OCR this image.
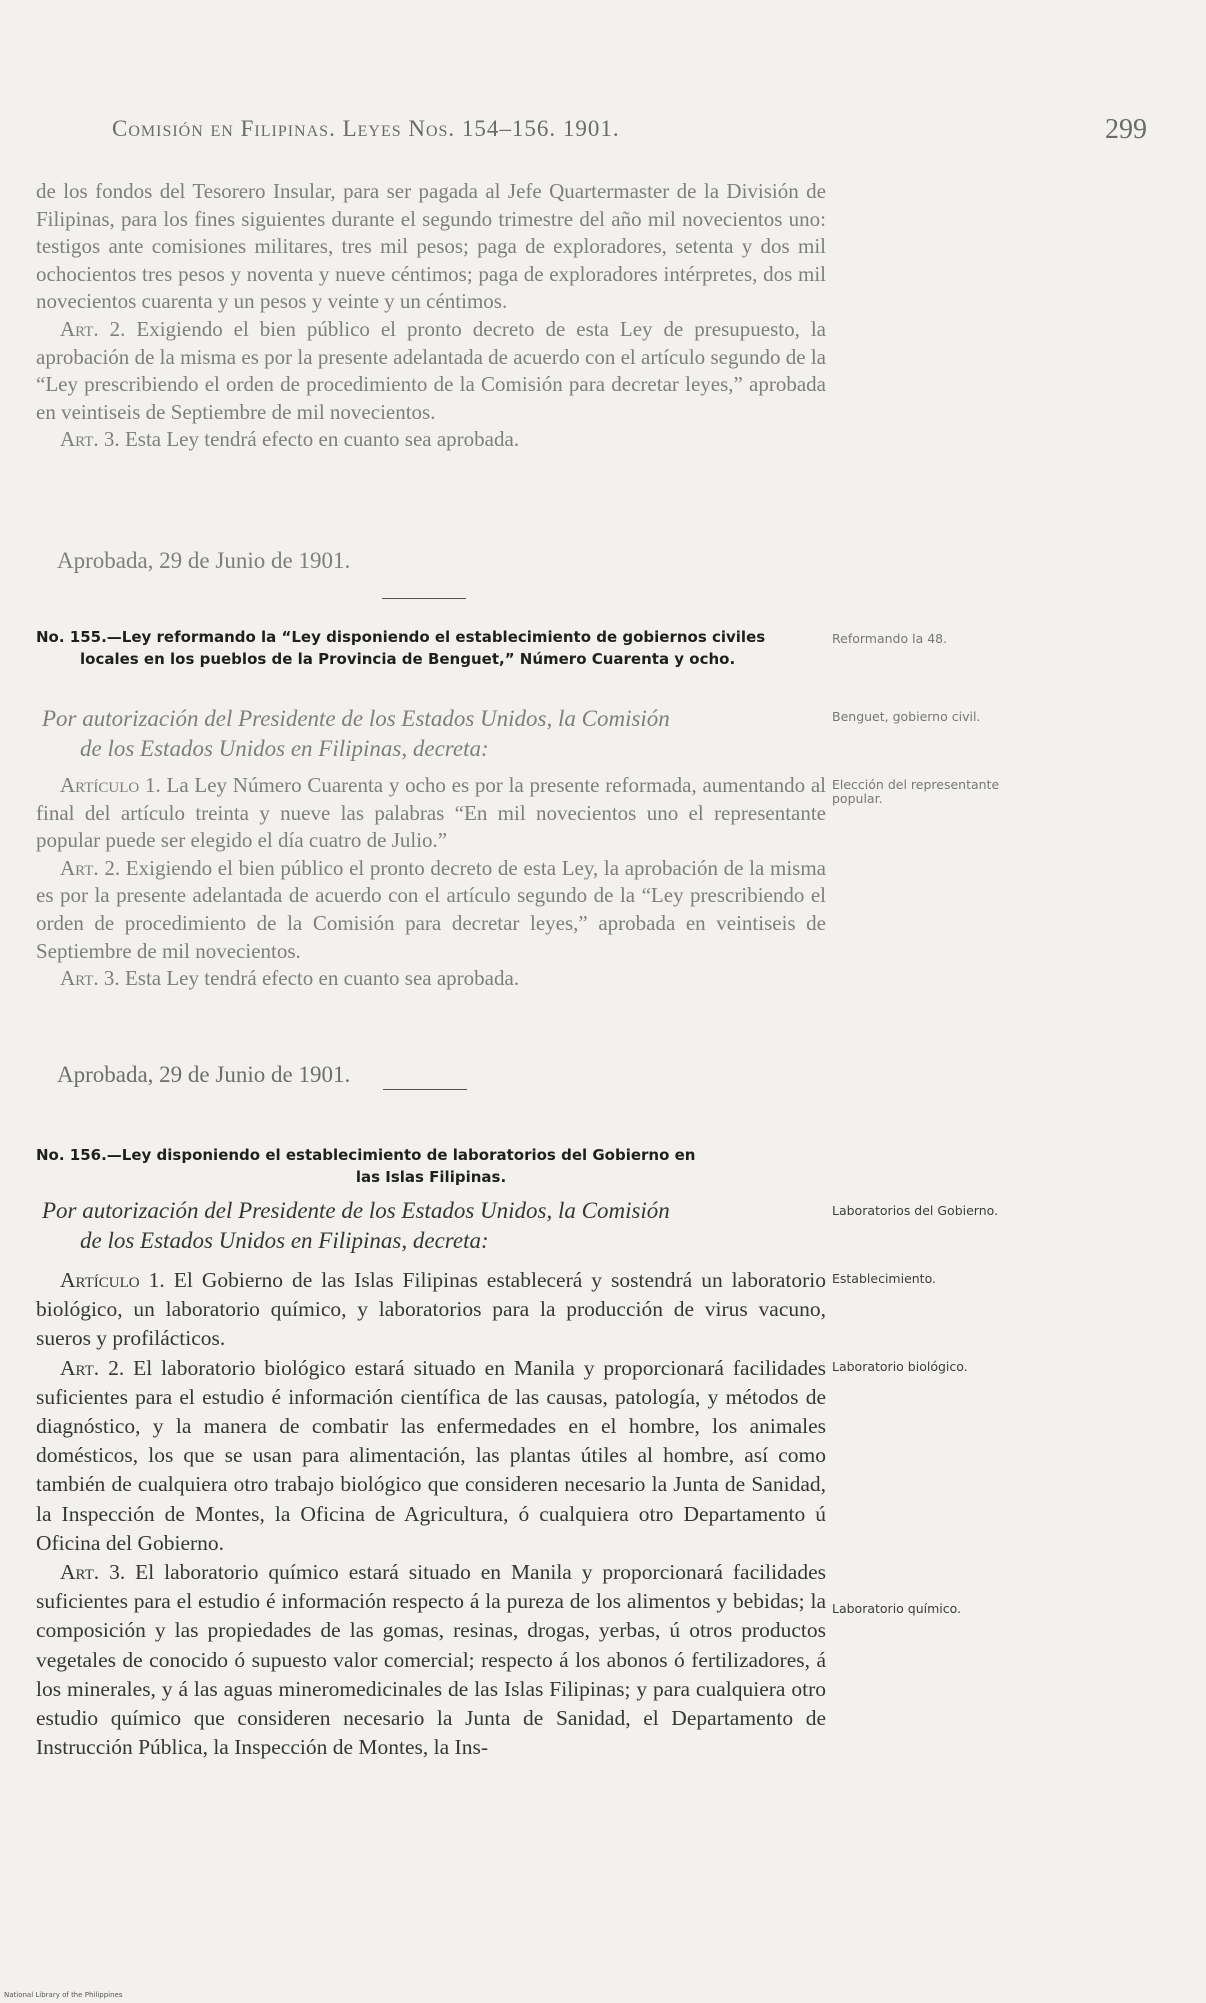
Comisión en Filipinas. Leyes Nos. 154–156. 1901.	299

de los fondos del Tesorero Insular, para ser pagada al Jefe Quartermaster de la División de Filipinas, para los fines siguientes durante el segundo trimestre del año mil novecientos uno: testigos ante comisiones militares, tres mil pesos; paga de exploradores, setenta y dos mil ochocientos tres pesos y noventa y nueve céntimos; paga de exploradores intérpretes, dos mil novecientos cuarenta y un pesos y veinte y un céntimos.

Art. 2. Exigiendo el bien público el pronto decreto de esta Ley de presupuesto, la aprobación de la misma es por la presente adelantada de acuerdo con el artículo segundo de la “Ley prescribiendo el orden de procedimiento de la Comisión para decretar leyes,” aprobada en veintiseis de Septiembre de mil novecientos.

Art. 3. Esta Ley tendrá efecto en cuanto sea aprobada.

Aprobada, 29 de Junio de 1901.
No. 155.—Ley reformando la “Ley disponiendo el establecimiento de gobiernos civiles locales en los pueblos de la Provincia de Benguet,” Número Cuarenta y ocho.
Por autorización del Presidente de los Estados Unidos, la Comisión
de los Estados Unidos en Filipinas, decreta:

Artículo 1. La Ley Número Cuarenta y ocho es por la presente reformada, aumentando al final del artículo treinta y nueve las palabras “En mil novecientos uno el representante popular puede ser elegido el día cuatro de Julio.”

Art. 2. Exigiendo el bien público el pronto decreto de esta Ley, la aprobación de la misma es por la presente adelantada de acuerdo con el artículo segundo de la “Ley prescribiendo el orden de procedimiento de la Comisión para decretar leyes,” aprobada en veintiseis de Septiembre de mil novecientos.

Art. 3. Esta Ley tendrá efecto en cuanto sea aprobada.

Aprobada, 29 de Junio de 1901.
Reformando la 48.
Benguet, gobierno civil.
Elección del representante popular.
No. 156.—Ley disponiendo el establecimiento de laboratorios del Gobierno en
las Islas Filipinas.
Por autorización del Presidente de los Estados Unidos, la Comisión
de los Estados Unidos en Filipinas, decreta:

Artículo 1. El Gobierno de las Islas Filipinas establecerá y sostendrá un laboratorio biológico, un laboratorio químico, y laboratorios para la producción de virus vacuno, sueros y profilácticos.

Art. 2. El laboratorio biológico estará situado en Manila y proporcionará facilidades suficientes para el estudio é información científica de las causas, patología, y métodos de diagnóstico, y la manera de combatir las enfermedades en el hombre, los animales domésticos, los que se usan para alimentación, las plantas útiles al hombre, así como también de cualquiera otro trabajo biológico que consideren necesario la Junta de Sanidad, la Inspección de Montes, la Oficina de Agricultura, ó cualquiera otro Departamento ú Oficina del Gobierno.

Art. 3. El laboratorio químico estará situado en Manila y proporcionará facilidades suficientes para el estudio é información respecto á la pureza de los alimentos y bebidas; la composición y las propiedades de las gomas, resinas, drogas, yerbas, ú otros productos vegetales de conocido ó supuesto valor comercial; respecto á los abonos ó fertilizadores, á los minerales, y á las aguas mineromedicinales de las Islas Filipinas; y para cualquiera otro estudio químico que consideren necesario la Junta de Sanidad, el Departamento de Instrucción Pública, la Inspección de Montes, la Ins-

Laboratorios del Gobierno.
Establecimiento.
Laboratorio biológico.
Laboratorio químico.
National Library of the Philippines
